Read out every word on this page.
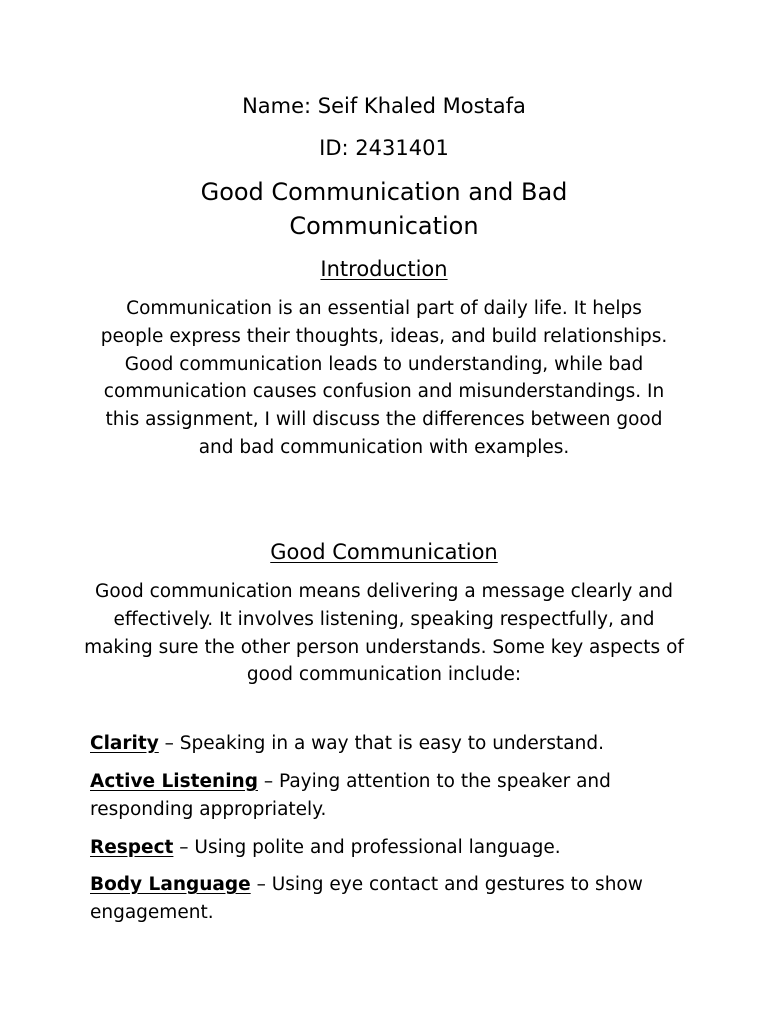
Name: Seif Khaled Mostafa

ID: 2431401

Good Communication and Bad Communication
Introduction

Communication is an essential part of daily life. It helps people express their thoughts, ideas, and build relationships. Good communication leads to understanding, while bad communication causes confusion and misunderstandings. In this assignment, I will discuss the differences between good and bad communication with examples.

Good Communication

Good communication means delivering a message clearly and effectively. It involves listening, speaking respectfully, and making sure the other person understands. Some key aspects of good communication include:

Clarity – Speaking in a way that is easy to understand.

Active Listening – Paying attention to the speaker and responding appropriately.

Respect – Using polite and professional language.

Body Language – Using eye contact and gestures to show engagement.
